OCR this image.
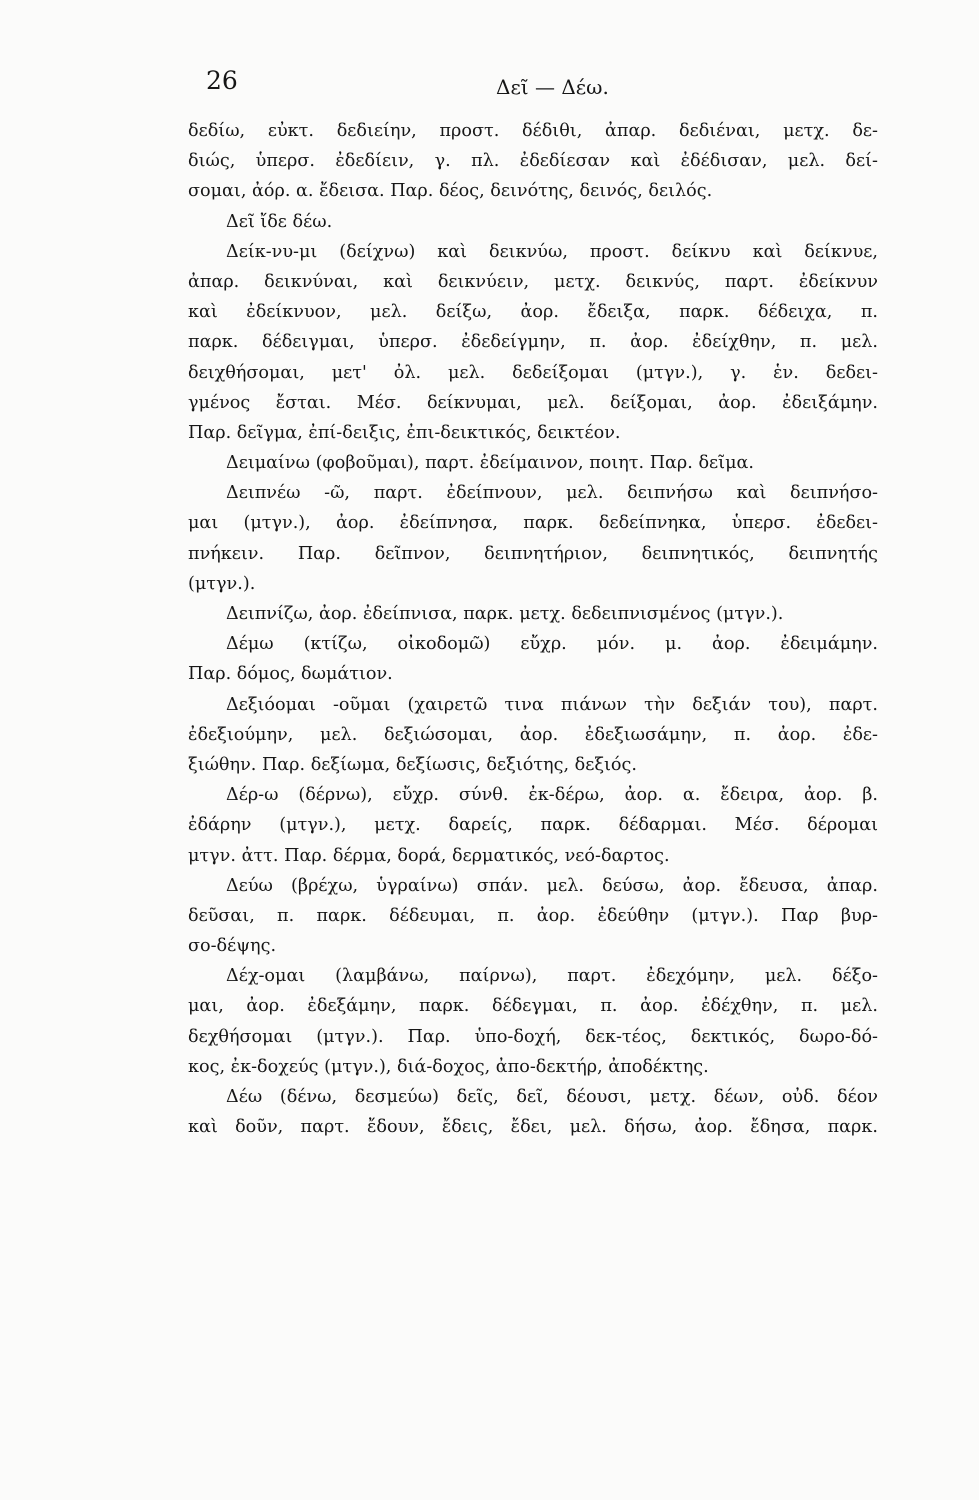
26	Δεῖ — Δέω.
δεδίω, εὐκτ. δεδιείην, προστ. δέδιθι, ἀπαρ. δεδιέναι, μετχ. δε-
διώς, ὑπερσ. ἐδεδίειν, γ. πλ. ἐδεδίεσαν καὶ ἐδέδισαν, μελ. δεί-
σομαι, ἀόρ. α. ἔδεισα. Παρ. δέος, δεινότης, δεινός, δειλός.
Δεῖ ἴδε δέω.
Δείκ-νυ-μι (δείχνω) καὶ δεικνύω, προστ. δείκνυ καὶ δείκνυε,
ἀπαρ. δεικνύναι, καὶ δεικνύειν, μετχ. δεικνύς, παρτ. ἐδείκνυν
καὶ ἐδείκνυον, μελ. δείξω, ἀορ. ἔδειξα, παρκ. δέδειχα, π.
παρκ. δέδειγμαι, ὑπερσ. ἐδεδείγμην, π. ἀορ. ἐδείχθην, π. μελ.
δειχθήσομαι, μετ' ὀλ. μελ. δεδείξομαι (μτγν.), γ. ἑν. δεδει-
γμένος ἔσται. Μέσ. δείκνυμαι, μελ. δείξομαι, ἀορ. ἐδειξάμην.
Παρ. δεῖγμα, ἐπί-δειξις, ἐπι-δεικτικός, δεικτέον.
Δειμαίνω (φοβοῦμαι), παρτ. ἐδείμαινον, ποιητ. Παρ. δεῖμα.
Δειπνέω -ῶ, παρτ. ἐδείπνουν, μελ. δειπνήσω καὶ δειπνήσο-
μαι (μτγν.), ἀορ. ἐδείπνησα, παρκ. δεδείπνηκα, ὑπερσ. ἐδεδει-
πνήκειν. Παρ. δεῖπνον, δειπνητήριον, δειπνητικός, δειπνητής
(μτγν.).
Δειπνίζω, ἀορ. ἐδείπνισα, παρκ. μετχ. δεδειπνισμένος (μτγν.).
Δέμω (κτίζω, οἰκοδομῶ) εὔχρ. μόν. μ. ἀορ. ἐδειμάμην.
Παρ. δόμος, δωμάτιον.
Δεξιόομαι -οῦμαι (χαιρετῶ τινα πιάνων τὴν δεξιάν του), παρτ.
ἐδεξιούμην, μελ. δεξιώσομαι, ἀορ. ἐδεξιωσάμην, π. ἀορ. ἐδε-
ξιώθην. Παρ. δεξίωμα, δεξίωσις, δεξιότης, δεξιός.
Δέρ-ω (δέρνω), εὔχρ. σύνθ. ἐκ-δέρω, ἀορ. α. ἔδειρα, ἀορ. β.
ἐδάρην (μτγν.), μετχ. δαρείς, παρκ. δέδαρμαι. Μέσ. δέρομαι
μτγν. ἀττ. Παρ. δέρμα, δορά, δερματικός, νεό-δαρτος.
Δεύω (βρέχω, ὑγραίνω) σπάν. μελ. δεύσω, ἀορ. ἔδευσα, ἀπαρ.
δεῦσαι, π. παρκ. δέδευμαι, π. ἀορ. ἐδεύθην (μτγν.). Παρ βυρ-
σο-δέψης.
Δέχ-ομαι (λαμβάνω, παίρνω), παρτ. ἐδεχόμην, μελ. δέξο-
μαι, ἀορ. ἐδεξάμην, παρκ. δέδεγμαι, π. ἀορ. ἐδέχθην, π. μελ.
δεχθήσομαι (μτγν.). Παρ. ὑπο-δοχή, δεκ-τέος, δεκτικός, δωρο-δό-
κος, ἐκ-δοχεύς (μτγν.), διά-δοχος, ἀπο-δεκτήρ, ἀποδέκτης.
Δέω (δένω, δεσμεύω) δεῖς, δεῖ, δέουσι, μετχ. δέων, οὐδ. δέον
καὶ δοῦν, παρτ. ἔδουν, ἔδεις, ἔδει, μελ. δήσω, ἀορ. ἔδησα, παρκ.
